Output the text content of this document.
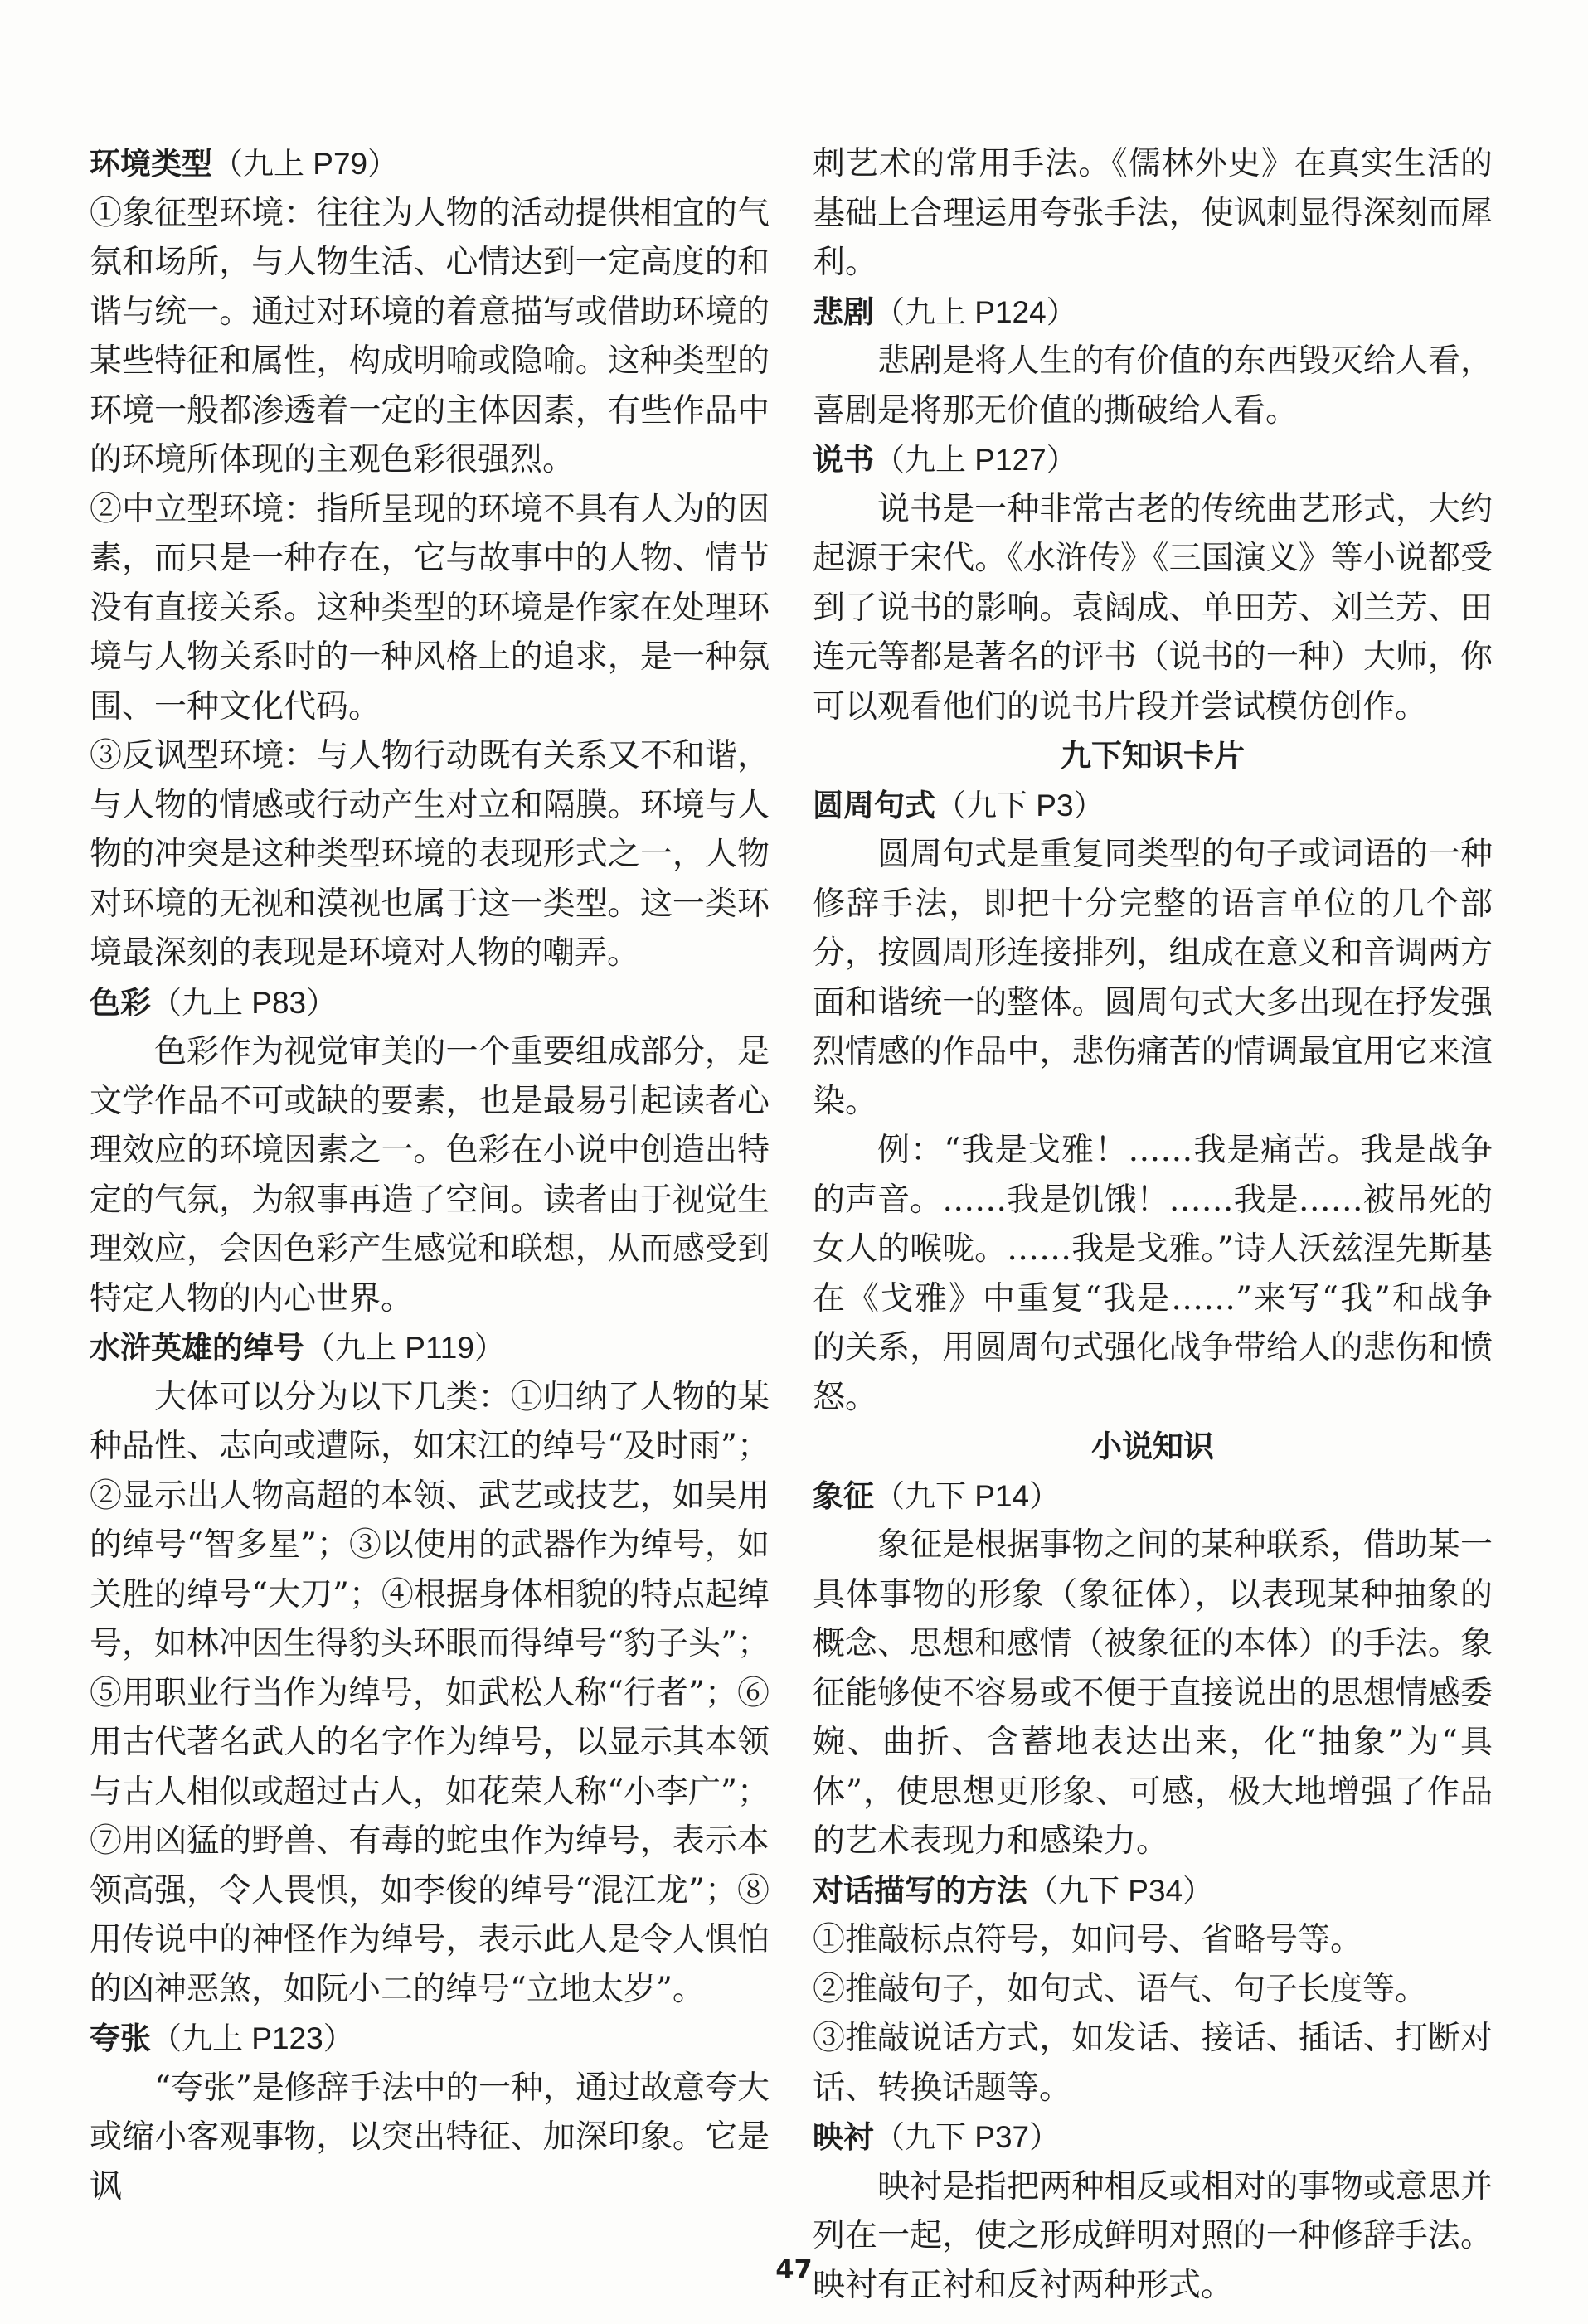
环境类型（九上 P79）

①象征型环境：往往为人物的活动提供相宜的气氛和场所，与人物生活、心情达到一定高度的和谐与统一。通过对环境的着意描写或借助环境的某些特征和属性，构成明喻或隐喻。这种类型的环境一般都渗透着一定的主体因素，有些作品中的环境所体现的主观色彩很强烈。

②中立型环境：指所呈现的环境不具有人为的因素，而只是一种存在，它与故事中的人物、情节没有直接关系。这种类型的环境是作家在处理环境与人物关系时的一种风格上的追求，是一种氛围、一种文化代码。

③反讽型环境：与人物行动既有关系又不和谐，与人物的情感或行动产生对立和隔膜。环境与人物的冲突是这种类型环境的表现形式之一，人物对环境的无视和漠视也属于这一类型。这一类环境最深刻的表现是环境对人物的嘲弄。

色彩（九上 P83）

色彩作为视觉审美的一个重要组成部分，是文学作品不可或缺的要素，也是最易引起读者心理效应的环境因素之一。色彩在小说中创造出特定的气氛，为叙事再造了空间。读者由于视觉生理效应，会因色彩产生感觉和联想，从而感受到特定人物的内心世界。

水浒英雄的绰号（九上 P119）

大体可以分为以下几类：①归纳了人物的某种品性、志向或遭际，如宋江的绰号“及时雨”；②显示出人物高超的本领、武艺或技艺，如吴用的绰号“智多星”；③以使用的武器作为绰号，如关胜的绰号“大刀”；④根据身体相貌的特点起绰号，如林冲因生得豹头环眼而得绰号“豹子头”；⑤用职业行当作为绰号，如武松人称“行者”；⑥用古代著名武人的名字作为绰号，以显示其本领与古人相似或超过古人，如花荣人称“小李广”；⑦用凶猛的野兽、有毒的蛇虫作为绰号，表示本领高强，令人畏惧，如李俊的绰号“混江龙”；⑧用传说中的神怪作为绰号，表示此人是令人惧怕的凶神恶煞，如阮小二的绰号“立地太岁”。

夸张（九上 P123）

“夸张”是修辞手法中的一种，通过故意夸大或缩小客观事物，以突出特征、加深印象。它是讽

刺艺术的常用手法。《儒林外史》在真实生活的基础上合理运用夸张手法，使讽刺显得深刻而犀利。

悲剧（九上 P124）

悲剧是将人生的有价值的东西毁灭给人看，喜剧是将那无价值的撕破给人看。

说书（九上 P127）

说书是一种非常古老的传统曲艺形式，大约起源于宋代。《水浒传》《三国演义》等小说都受到了说书的影响。袁阔成、单田芳、刘兰芳、田连元等都是著名的评书（说书的一种）大师，你可以观看他们的说书片段并尝试模仿创作。

九下知识卡片

圆周句式（九下 P3）

圆周句式是重复同类型的句子或词语的一种修辞手法，即把十分完整的语言单位的几个部分，按圆周形连接排列，组成在意义和音调两方面和谐统一的整体。圆周句式大多出现在抒发强烈情感的作品中，悲伤痛苦的情调最宜用它来渲染。

例：“我是戈雅！……我是痛苦。我是战争的声音。……我是饥饿！……我是……被吊死的女人的喉咙。……我是戈雅。”诗人沃兹涅先斯基在《戈雅》中重复“我是……”来写“我”和战争的关系，用圆周句式强化战争带给人的悲伤和愤怒。

小说知识

象征（九下 P14）

象征是根据事物之间的某种联系，借助某一具体事物的形象（象征体），以表现某种抽象的概念、思想和感情（被象征的本体）的手法。象征能够使不容易或不便于直接说出的思想情感委婉、曲折、含蓄地表达出来，化“抽象”为“具体”，使思想更形象、可感，极大地增强了作品的艺术表现力和感染力。

对话描写的方法（九下 P34）

①推敲标点符号，如问号、省略号等。

②推敲句子，如句式、语气、句子长度等。

③推敲说话方式，如发话、接话、插话、打断对话、转换话题等。

映衬（九下 P37）

映衬是指把两种相反或相对的事物或意思并列在一起，使之形成鲜明对照的一种修辞手法。映衬有正衬和反衬两种形式。

47
